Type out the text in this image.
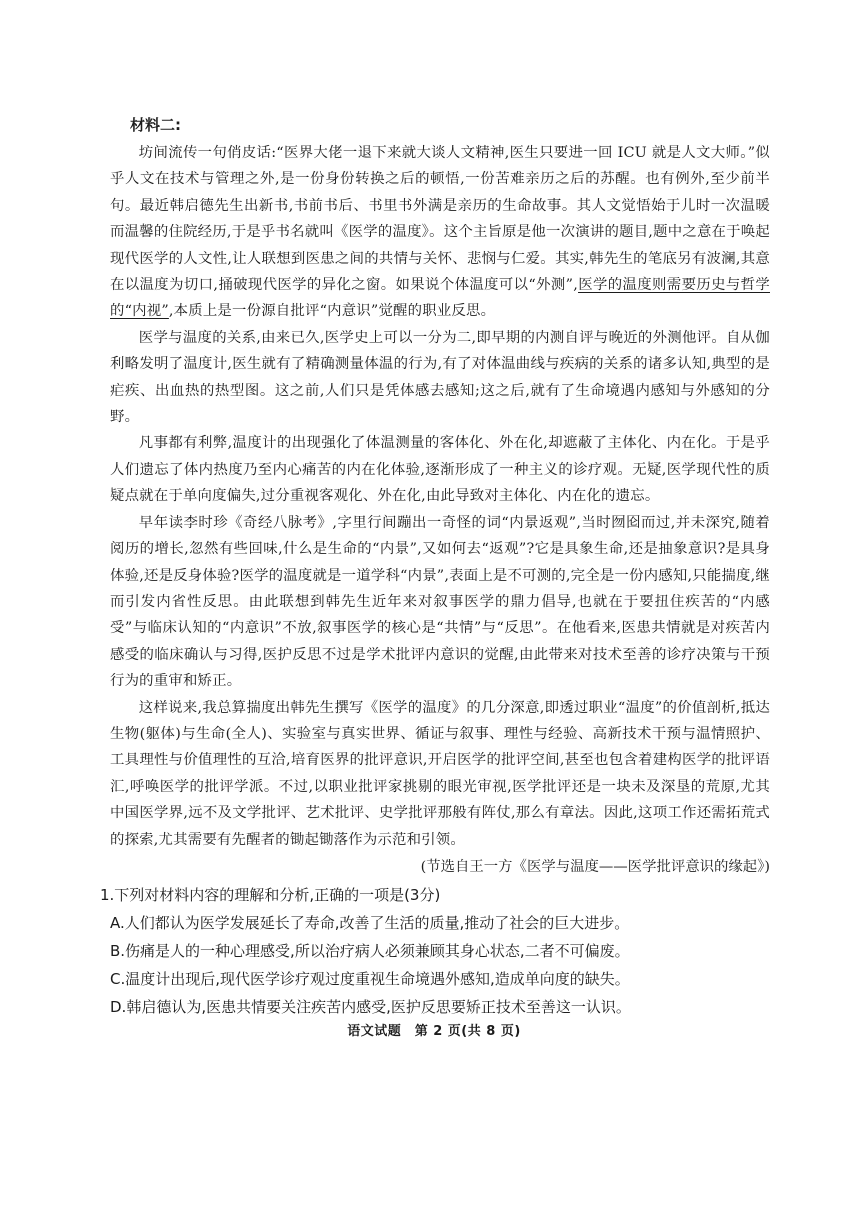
材料二:

坊间流传一句俏皮话:“医界大佬一退下来就大谈人文精神,医生只要进一回 ICU 就是人文大师。”似乎人文在技术与管理之外,是一份身份转换之后的顿悟,一份苦难亲历之后的苏醒。也有例外,至少前半句。最近韩启德先生出新书,书前书后、书里书外满是亲历的生命故事。其人文觉悟始于儿时一次温暖而温馨的住院经历,于是乎书名就叫《医学的温度》。这个主旨原是他一次演讲的题目,题中之意在于唤起现代医学的人文性,让人联想到医患之间的共情与关怀、悲悯与仁爱。其实,韩先生的笔底另有波澜,其意在以温度为切口,捅破现代医学的异化之窗。如果说个体温度可以“外测”,医学的温度则需要历史与哲学的“内视”,本质上是一份源自批评“内意识”觉醒的职业反思。

医学与温度的关系,由来已久,医学史上可以一分为二,即早期的内测自评与晚近的外测他评。自从伽利略发明了温度计,医生就有了精确测量体温的行为,有了对体温曲线与疾病的关系的诸多认知,典型的是疟疾、出血热的热型图。这之前,人们只是凭体感去感知;这之后,就有了生命境遇内感知与外感知的分野。

凡事都有利弊,温度计的出现强化了体温测量的客体化、外在化,却遮蔽了主体化、内在化。于是乎人们遗忘了体内热度乃至内心痛苦的内在化体验,逐渐形成了一种主义的诊疗观。无疑,医学现代性的质疑点就在于单向度偏失,过分重视客观化、外在化,由此导致对主体化、内在化的遗忘。

早年读李时珍《奇经八脉考》,字里行间蹦出一奇怪的词“内景返观”,当时囫囵而过,并未深究,随着阅历的增长,忽然有些回味,什么是生命的“内景”,又如何去“返观”?它是具象生命,还是抽象意识?是具身体验,还是反身体验?医学的温度就是一道学科“内景”,表面上是不可测的,完全是一份内感知,只能揣度,继而引发内省性反思。由此联想到韩先生近年来对叙事医学的鼎力倡导,也就在于要扭住疾苦的“内感受”与临床认知的“内意识”不放,叙事医学的核心是“共情”与“反思”。在他看来,医患共情就是对疾苦内感受的临床确认与习得,医护反思不过是学术批评内意识的觉醒,由此带来对技术至善的诊疗决策与干预行为的重审和矫正。

这样说来,我总算揣度出韩先生撰写《医学的温度》的几分深意,即透过职业“温度”的价值剖析,抵达生物(躯体)与生命(全人)、实验室与真实世界、循证与叙事、理性与经验、高新技术干预与温情照护、工具理性与价值理性的互洽,培育医界的批评意识,开启医学的批评空间,甚至也包含着建构医学的批评语汇,呼唤医学的批评学派。不过,以职业批评家挑剔的眼光审视,医学批评还是一块未及深垦的荒原,尤其中国医学界,远不及文学批评、艺术批评、史学批评那般有阵仗,那么有章法。因此,这项工作还需拓荒式的探索,尤其需要有先醒者的锄起锄落作为示范和引领。

(节选自王一方《医学与温度——医学批评意识的缘起》)

1.下列对材料内容的理解和分析,正确的一项是(3分)

A.人们都认为医学发展延长了寿命,改善了生活的质量,推动了社会的巨大进步。

B.伤痛是人的一种心理感受,所以治疗病人必须兼顾其身心状态,二者不可偏废。

C.温度计出现后,现代医学诊疗观过度重视生命境遇外感知,造成单向度的缺失。

D.韩启德认为,医患共情要关注疾苦内感受,医护反思要矫正技术至善这一认识。

语文试题　第 2 页(共 8 页)
